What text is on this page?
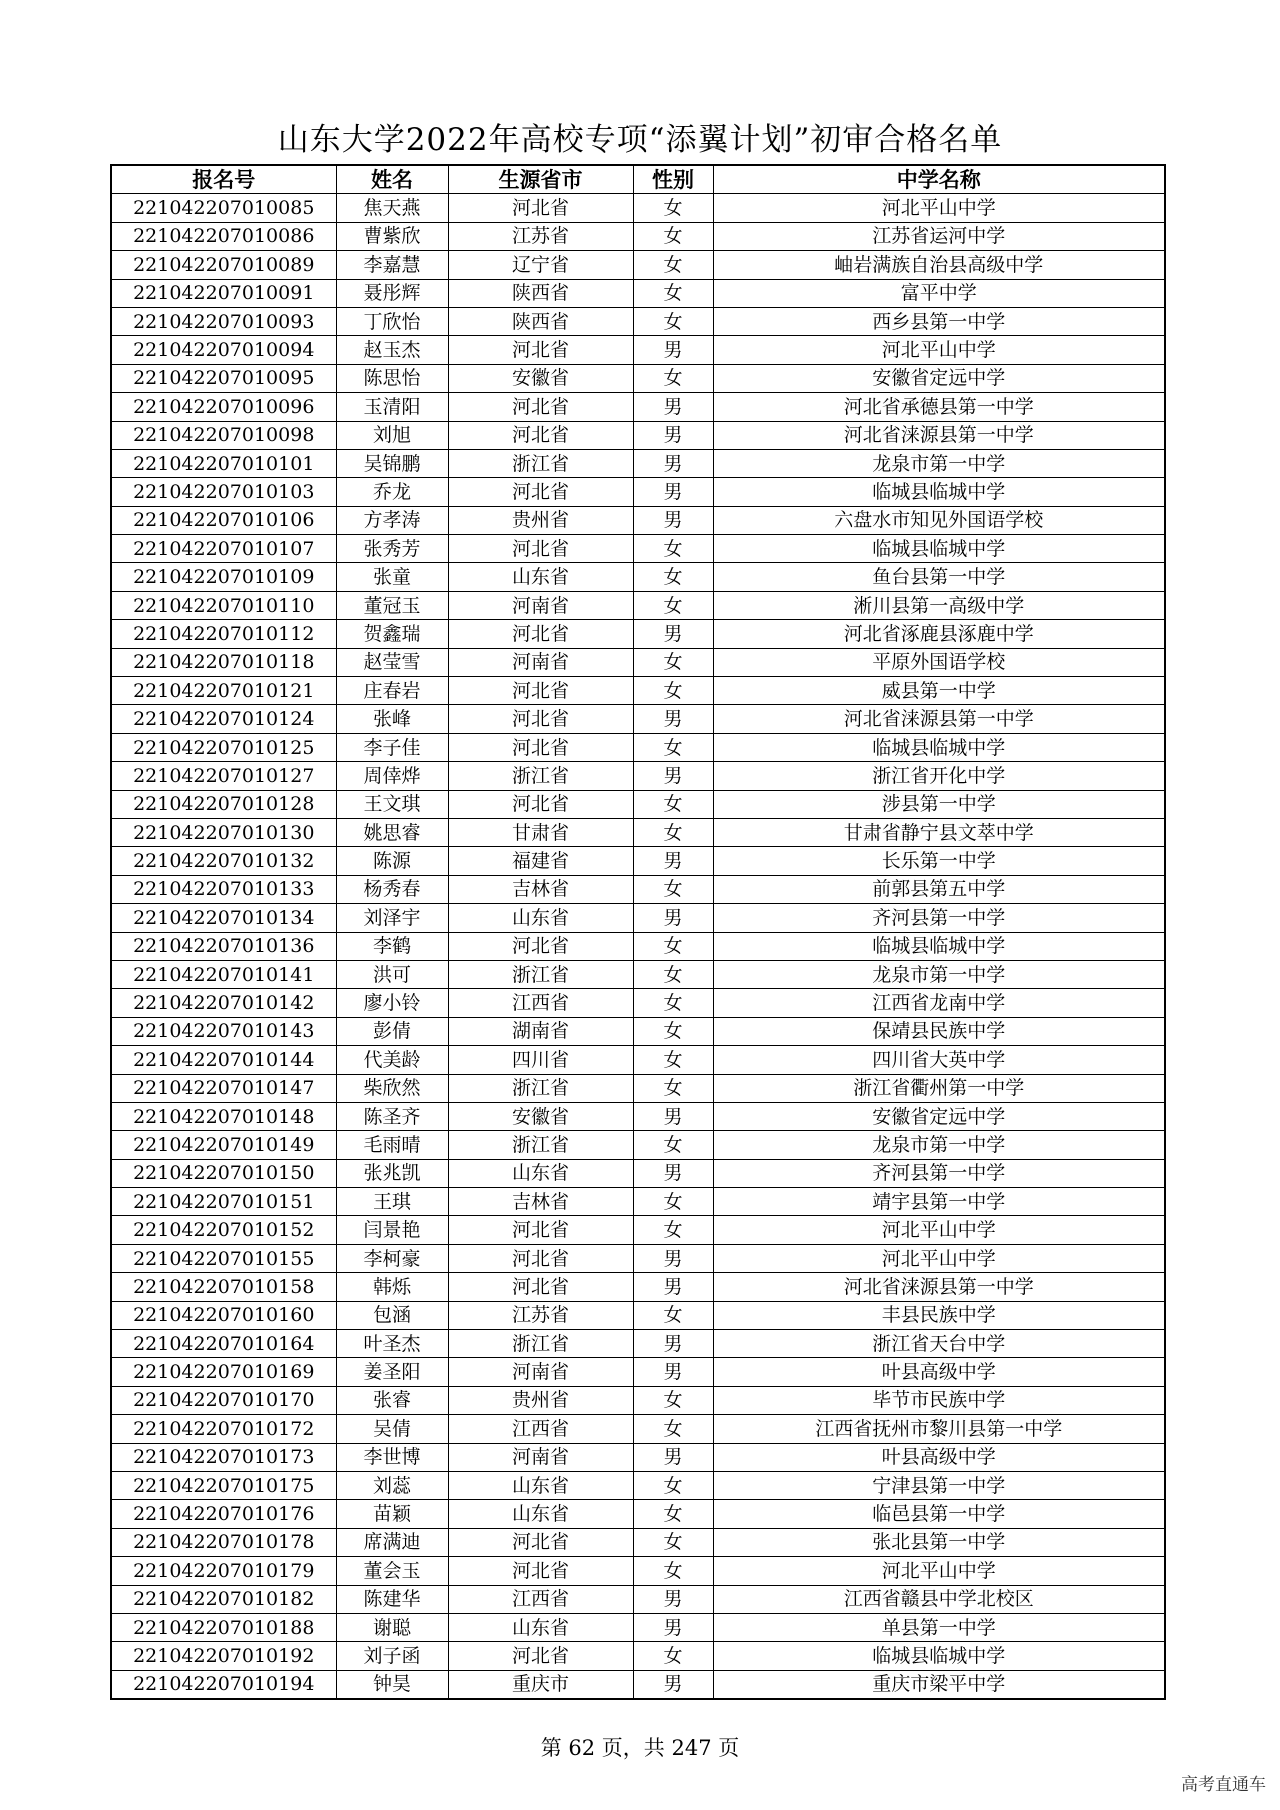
山东大学2022年高校专项“添翼计划”初审合格名单
报名号	姓名	生源省市	性别	中学名称
221042207010085	焦天燕	河北省	女	河北平山中学
221042207010086	曹紫欣	江苏省	女	江苏省运河中学
221042207010089	李嘉慧	辽宁省	女	岫岩满族自治县高级中学
221042207010091	聂彤辉	陕西省	女	富平中学
221042207010093	丁欣怡	陕西省	女	西乡县第一中学
221042207010094	赵玉杰	河北省	男	河北平山中学
221042207010095	陈思怡	安徽省	女	安徽省定远中学
221042207010096	玉清阳	河北省	男	河北省承德县第一中学
221042207010098	刘旭	河北省	男	河北省涞源县第一中学
221042207010101	吴锦鹏	浙江省	男	龙泉市第一中学
221042207010103	乔龙	河北省	男	临城县临城中学
221042207010106	方孝涛	贵州省	男	六盘水市知见外国语学校
221042207010107	张秀芳	河北省	女	临城县临城中学
221042207010109	张童	山东省	女	鱼台县第一中学
221042207010110	董冠玉	河南省	女	淅川县第一高级中学
221042207010112	贺鑫瑞	河北省	男	河北省涿鹿县涿鹿中学
221042207010118	赵莹雪	河南省	女	平原外国语学校
221042207010121	庄春岩	河北省	女	威县第一中学
221042207010124	张峰	河北省	男	河北省涞源县第一中学
221042207010125	李子佳	河北省	女	临城县临城中学
221042207010127	周倖烨	浙江省	男	浙江省开化中学
221042207010128	王文琪	河北省	女	涉县第一中学
221042207010130	姚思睿	甘肃省	女	甘肃省静宁县文萃中学
221042207010132	陈源	福建省	男	长乐第一中学
221042207010133	杨秀春	吉林省	女	前郭县第五中学
221042207010134	刘泽宇	山东省	男	齐河县第一中学
221042207010136	李鹤	河北省	女	临城县临城中学
221042207010141	洪可	浙江省	女	龙泉市第一中学
221042207010142	廖小铃	江西省	女	江西省龙南中学
221042207010143	彭倩	湖南省	女	保靖县民族中学
221042207010144	代美龄	四川省	女	四川省大英中学
221042207010147	柴欣然	浙江省	女	浙江省衢州第一中学
221042207010148	陈圣齐	安徽省	男	安徽省定远中学
221042207010149	毛雨晴	浙江省	女	龙泉市第一中学
221042207010150	张兆凯	山东省	男	齐河县第一中学
221042207010151	王琪	吉林省	女	靖宇县第一中学
221042207010152	闫景艳	河北省	女	河北平山中学
221042207010155	李柯豪	河北省	男	河北平山中学
221042207010158	韩烁	河北省	男	河北省涞源县第一中学
221042207010160	包涵	江苏省	女	丰县民族中学
221042207010164	叶圣杰	浙江省	男	浙江省天台中学
221042207010169	姜圣阳	河南省	男	叶县高级中学
221042207010170	张睿	贵州省	女	毕节市民族中学
221042207010172	吴倩	江西省	女	江西省抚州市黎川县第一中学
221042207010173	李世博	河南省	男	叶县高级中学
221042207010175	刘蕊	山东省	女	宁津县第一中学
221042207010176	苗颖	山东省	女	临邑县第一中学
221042207010178	席满迪	河北省	女	张北县第一中学
221042207010179	董会玉	河北省	女	河北平山中学
221042207010182	陈建华	江西省	男	江西省赣县中学北校区
221042207010188	谢聪	山东省	男	单县第一中学
221042207010192	刘子函	河北省	女	临城县临城中学
221042207010194	钟昊	重庆市	男	重庆市梁平中学
第 62 页，共 247 页
高考直通车
